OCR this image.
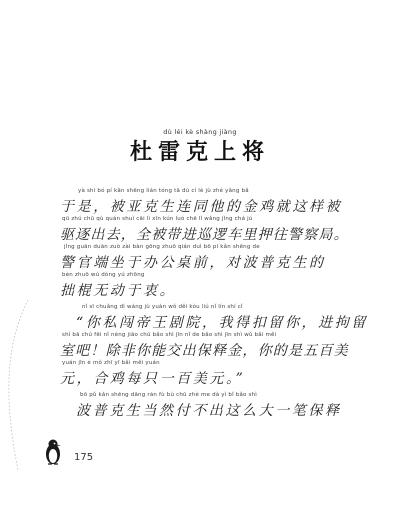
dù léi kè shàng jiàng
杜雷克上将
yà shì bó pí kǎn shēng lián tóng tā dú cí lè jù zhé yǎng bǎ
于是，被亚克生连同他的金鸡就这样被
qū zhú chū qù quán shuì cāi lì xīn kún luó chē lǐ wǎng jǐng chá jú
驱逐出去，全被带进巡逻车里押往警察局。
jǐng guān duān zuò zài bàn gōng zhuō qián duì bō pí kǎn shēng de
警官端坐于办公桌前，对波普克生的
bèn zhuō wú dòng yú zhōng
拙棍无动于衷。
nǐ sī chuǎng dì wáng jù yuàn wǒ děi kòu liú nǐ lín shí cǐ
“你私闯帝王剧院，我得扣留你，进拘留
shì bā chú fēi nǐ néng jiāo chū bǎo shì jīn nǐ de bǎo shì jīn shì wǔ bǎi měi
室吧！除非你能交出保释金，你的是五百美
yuán jīn é mǒ zhī yī bǎi měi yuán
元，合鸡每只一百美元。”
bō pǔ kǎn shēng dāng rán fù bù chū zhè me dà yì bǐ bǎo shì
波普克生当然付不出这么大一笔保释
175
